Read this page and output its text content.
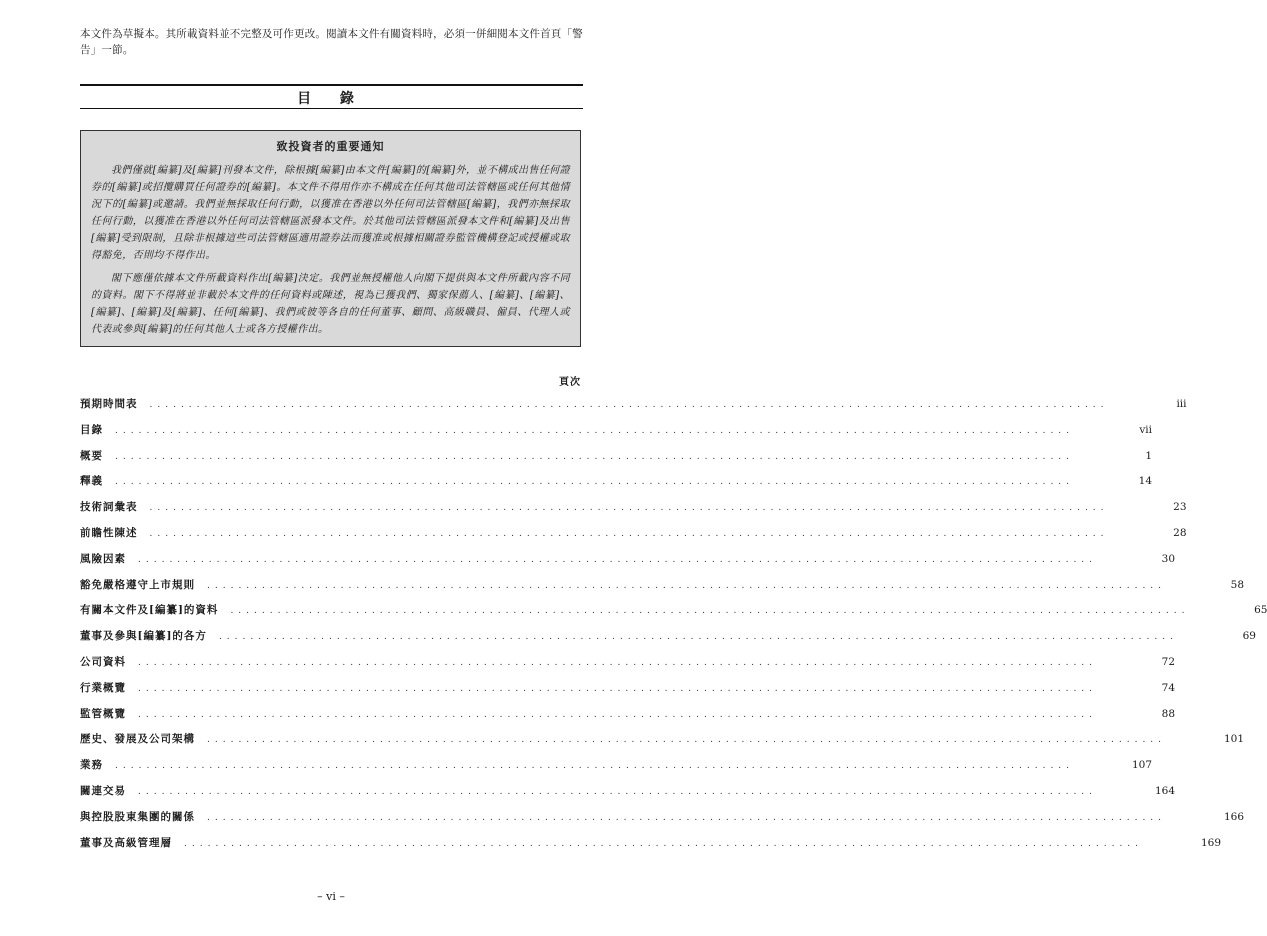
本文件為草擬本。其所載資料並不完整及可作更改。閱讀本文件有關資料時，必須一併細閱本文件首頁「警告」一節。
目 錄
致投資者的重要通知

我們僅就[編纂]及[編纂]刊發本文件，除根據[編纂]由本文件[編纂]的[編纂]外，並不構成出售任何證券的[編纂]或招攬購買任何證券的[編纂]。本文件不得用作亦不構成在任何其他司法管轄區或任何其他情況下的[編纂]或邀請。我們並無採取任何行動，以獲准在香港以外任何司法管轄區[編纂]，我們亦無採取任何行動，以獲准在香港以外任何司法管轄區派發本文件。於其他司法管轄區派發本文件和[編纂]及出售[編纂]受到限制，且除非根據這些司法管轄區適用證券法而獲准或根據相關證券監管機構登記或授權或取得豁免，否則均不得作出。

閣下應僅依據本文件所載資料作出[編纂]決定。我們並無授權他人向閣下提供與本文件所載內容不同的資料。閣下不得將並非載於本文件的任何資料或陳述，視為已獲我們、獨家保薦人、[編纂]、[編纂]、[編纂]、[編纂]及[編纂]、任何[編纂]、我們或彼等各自的任何董事、顧問、高級職員、僱員、代理人或代表或參與[編纂]的任何其他人士或各方授權作出。

頁次
預期時間表 ..........................................................................................................................	iii
目錄 ..........................................................................................................................	vii
概要 ..........................................................................................................................	1
釋義 ..........................................................................................................................	14
技術詞彙表 ..........................................................................................................................	23
前瞻性陳述 ..........................................................................................................................	28
風險因素 ..........................................................................................................................	30
豁免嚴格遵守上市規則 ..........................................................................................................................	58
有關本文件及[編纂]的資料 ..........................................................................................................................	65
董事及參與[編纂]的各方 ..........................................................................................................................	69
公司資料 ..........................................................................................................................	72
行業概覽 ..........................................................................................................................	74
監管概覽 ..........................................................................................................................	88
歷史、發展及公司架構 ..........................................................................................................................	101
業務 ..........................................................................................................................	107
關連交易 ..........................................................................................................................	164
與控股股東集團的關係 ..........................................................................................................................	166
董事及高級管理層 ..........................................................................................................................	169
– vi –
